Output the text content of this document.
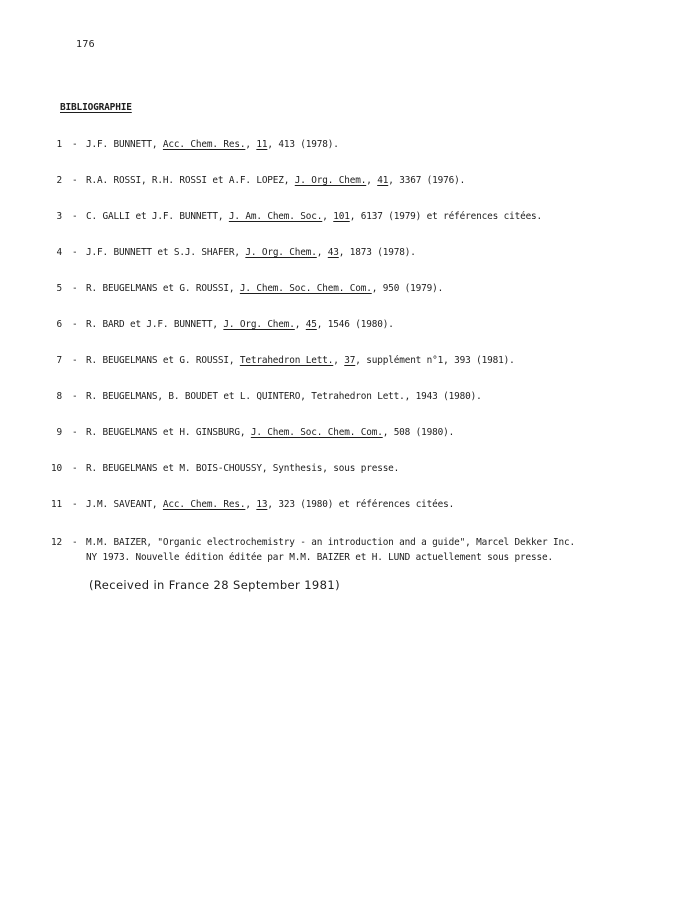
176
BIBLIOGRAPHIE
1 - J.F. BUNNETT, Acc. Chem. Res., 11, 413 (1978).
2 - R.A. ROSSI, R.H. ROSSI et A.F. LOPEZ, J. Org. Chem., 41, 3367 (1976).
3 - C. GALLI et J.F. BUNNETT, J. Am. Chem. Soc., 101, 6137 (1979) et références citées.
4 - J.F. BUNNETT et S.J. SHAFER, J. Org. Chem., 43, 1873 (1978).
5 - R. BEUGELMANS et G. ROUSSI, J. Chem. Soc. Chem. Com., 950 (1979).
6 - R. BARD et J.F. BUNNETT, J. Org. Chem., 45, 1546 (1980).
7 - R. BEUGELMANS et G. ROUSSI, Tetrahedron Lett., 37, supplément n°1, 393 (1981).
8 - R. BEUGELMANS, B. BOUDET et L. QUINTERO, Tetrahedron Lett., 1943 (1980).
9 - R. BEUGELMANS et H. GINSBURG, J. Chem. Soc. Chem. Com., 508 (1980).
10 - R. BEUGELMANS et M. BOIS-CHOUSSY, Synthesis, sous presse.
11 - J.M. SAVEANT, Acc. Chem. Res., 13, 323 (1980) et références citées.
12 - M.M. BAIZER, "Organic electrochemistry - an introduction and a guide", Marcel Dekker Inc.
NY 1973. Nouvelle édition éditée par M.M. BAIZER et H. LUND actuellement sous presse.
(Received in France 28 September 1981)
